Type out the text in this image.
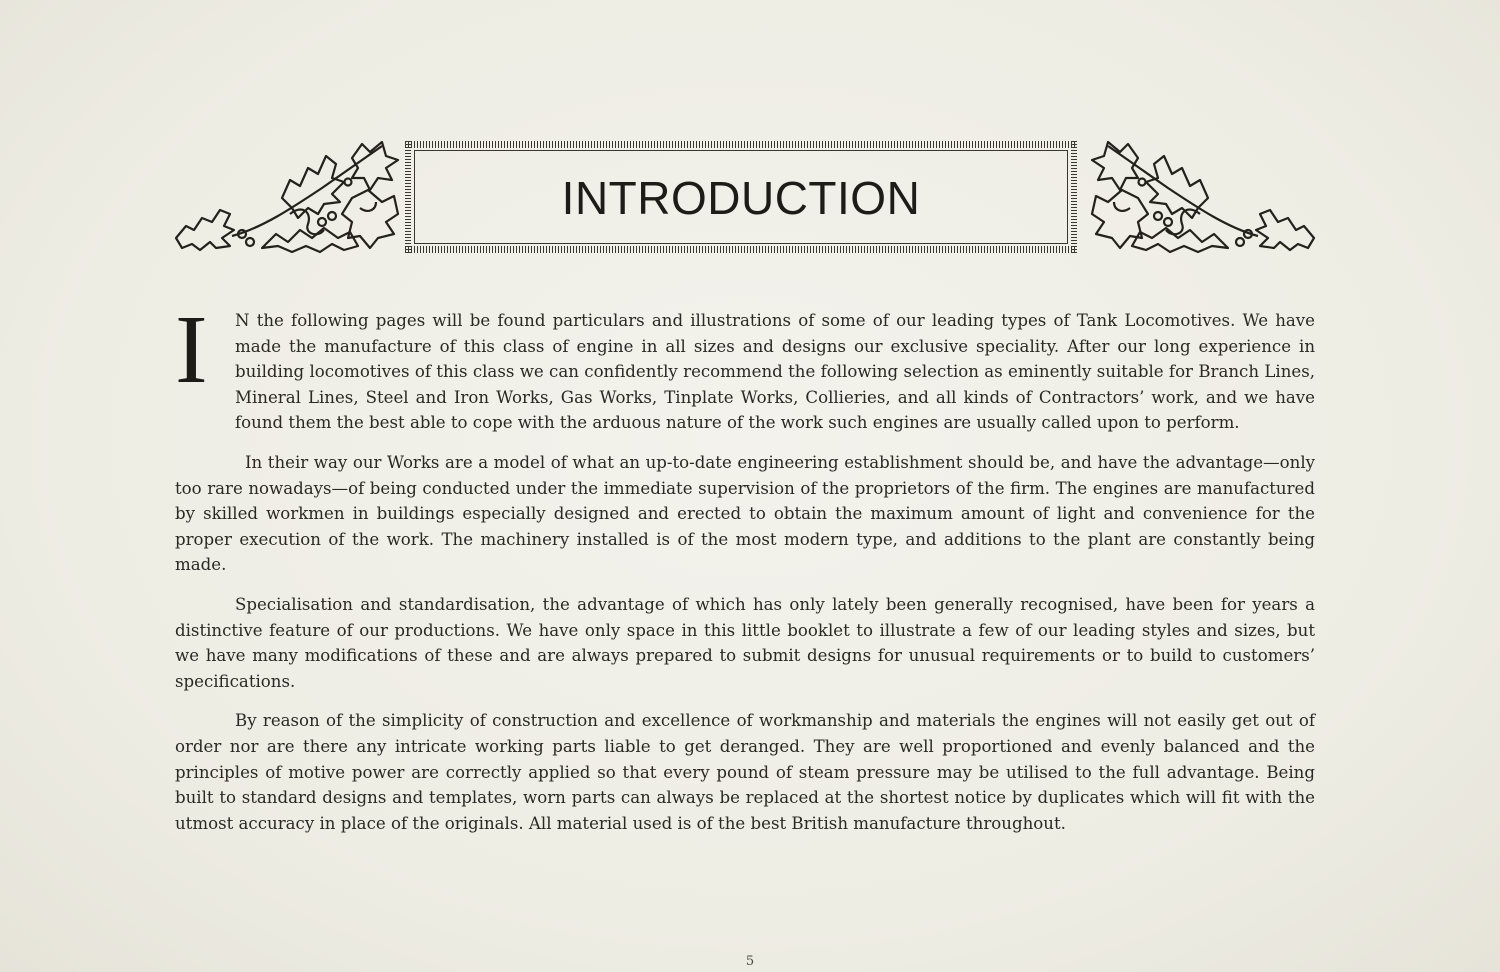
INTRODUCTION

I N the following pages will be found particulars and illustrations of some of our leading types of Tank Locomotives. We have made the manufacture of this class of engine in all sizes and designs our exclusive speciality. After our long experience in building locomotives of this class we can confidently recommend the following selection as eminently suitable for Branch Lines, Mineral Lines, Steel and Iron Works, Gas Works, Tinplate Works, Collieries, and all kinds of Contractors’ work, and we have found them the best able to cope with the arduous nature of the work such engines are usually called upon to perform.

In their way our Works are a model of what an up-to-date engineering establishment should be, and have the advantage—only too rare nowadays—of being conducted under the immediate supervision of the proprietors of the firm. The engines are manufactured by skilled workmen in buildings especially designed and erected to obtain the maximum amount of light and convenience for the proper execution of the work. The machinery installed is of the most modern type, and additions to the plant are constantly being made.

Specialisation and standardisation, the advantage of which has only lately been generally recognised, have been for years a distinctive feature of our productions. We have only space in this little booklet to illustrate a few of our leading styles and sizes, but we have many modifications of these and are always prepared to submit designs for unusual requirements or to build to customers’ specifications.

By reason of the simplicity of construction and excellence of workmanship and materials the engines will not easily get out of order nor are there any intricate working parts liable to get deranged. They are well proportioned and evenly balanced and the principles of motive power are correctly applied so that every pound of steam pressure may be utilised to the full advantage. Being built to standard designs and templates, worn parts can always be replaced at the shortest notice by duplicates which will fit with the utmost accuracy in place of the originals. All material used is of the best British manufacture throughout.

5
